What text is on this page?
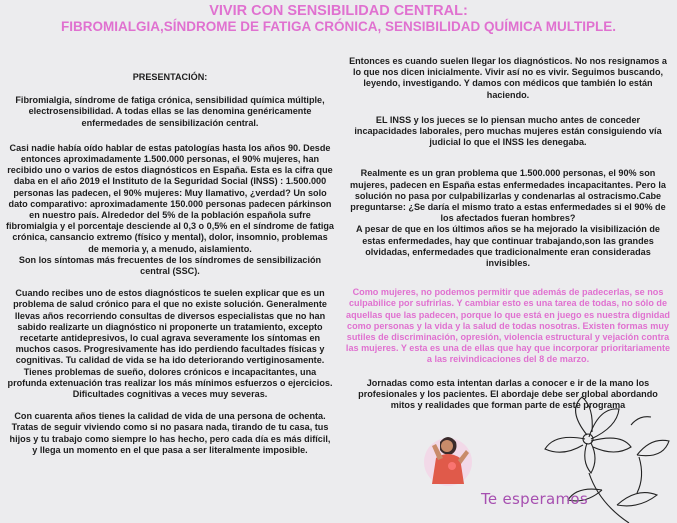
VIVIR CON SENSIBILIDAD CENTRAL:
FIBROMIALGIA,SÍNDROME DE FATIGA CRÓNICA, SENSIBILIDAD QUÍMICA MULTIPLE.

PRESENTACIÓN:

Fibromialgia, síndrome de fatiga crónica, sensibilidad química múltiple, electrosensibilidad. A todas ellas se las denomina genéricamente enfermedades de sensibilización central.

Casi nadie había oído hablar de estas patologías hasta los años 90. Desde entonces aproximadamente 1.500.000 personas, el 90% mujeres, han recibido uno o varios de estos diagnósticos en España. Esta es la cifra que daba en el año 2019 el Instituto de la Seguridad Social (INSS) : 1.500.000 personas las padecen, el 90% mujeres: Muy llamativo, ¿verdad? Un solo dato comparativo: aproximadamente 150.000 personas padecen párkinson en nuestro país. Alrededor del 5% de la población española sufre fibromialgia y el porcentaje desciende al 0,3 o 0,5% en el síndrome de fatiga crónica, cansancio extremo (físico y mental), dolor, insomnio, problemas de memoria y, a menudo, aislamiento.

Son los síntomas más frecuentes de los síndromes de sensibilización central (SSC).

Cuando recibes uno de estos diagnósticos te suelen explicar que es un problema de salud crónico para el que no existe solución. Generalmente llevas años recorriendo consultas de diversos especialistas que no han sabido realizarte un diagnóstico ni proponerte un tratamiento, excepto recetarte antidepresivos, lo cual agrava severamente los síntomas en muchos casos. Progresivamente has ido perdiendo facultades físicas y cognitivas. Tu calidad de vida se ha ido deteriorando vertiginosamente. Tienes problemas de sueño, dolores crónicos e incapacitantes, una profunda extenuación tras realizar los más mínimos esfuerzos o ejercicios. Dificultades cognitivas a veces muy severas.

Con cuarenta años tienes la calidad de vida de una persona de ochenta. Tratas de seguir viviendo como si no pasara nada, tirando de tu casa, tus hijos y tu trabajo como siempre lo has hecho, pero cada día es más difícil, y llega un momento en el que pasa a ser literalmente imposible.

Entonces es cuando suelen llegar los diagnósticos. No nos resignamos a lo que nos dicen inicialmente. Vivir así no es vivir. Seguimos buscando, leyendo, investigando. Y damos con médicos que también lo están haciendo.

EL INSS y los jueces se lo piensan mucho antes de conceder incapacidades laborales, pero muchas mujeres están consiguiendo vía judicial lo que el INSS les denegaba.

Realmente es un gran problema que 1.500.000 personas, el 90% son mujeres, padecen en España estas enfermedades incapacitantes. Pero la solución no pasa por culpabilizarlas y condenarlas al ostracismo.Cabe preguntarse: ¿Se daría el mismo trato a estas enfermedades si el 90% de los afectados fueran hombres?

A pesar de que en los últimos años se ha mejorado la visibilización de estas enfermedades, hay que continuar trabajando,son las grandes olvidadas, enfermedades que tradicionalmente eran consideradas invisibles.

Como mujeres, no podemos permitir que además de padecerlas, se nos culpabilice por sufrirlas. Y cambiar esto es una tarea de todas, no sólo de aquellas que las padecen, porque lo que está en juego es nuestra dignidad como personas y la vida y la salud de todas nosotras. Existen formas muy sutiles de discriminación, opresión, violencia estructural y vejación contra las mujeres. Y esta es una de ellas que hay que incorporar prioritariamente a las reivindicaciones del 8 de marzo.

Jornadas como esta intentan darlas a conocer e ir de la mano los profesionales y los pacientes. El abordaje debe ser global abordando mitos y realidades que forman parte de este programa

Te esperamos
